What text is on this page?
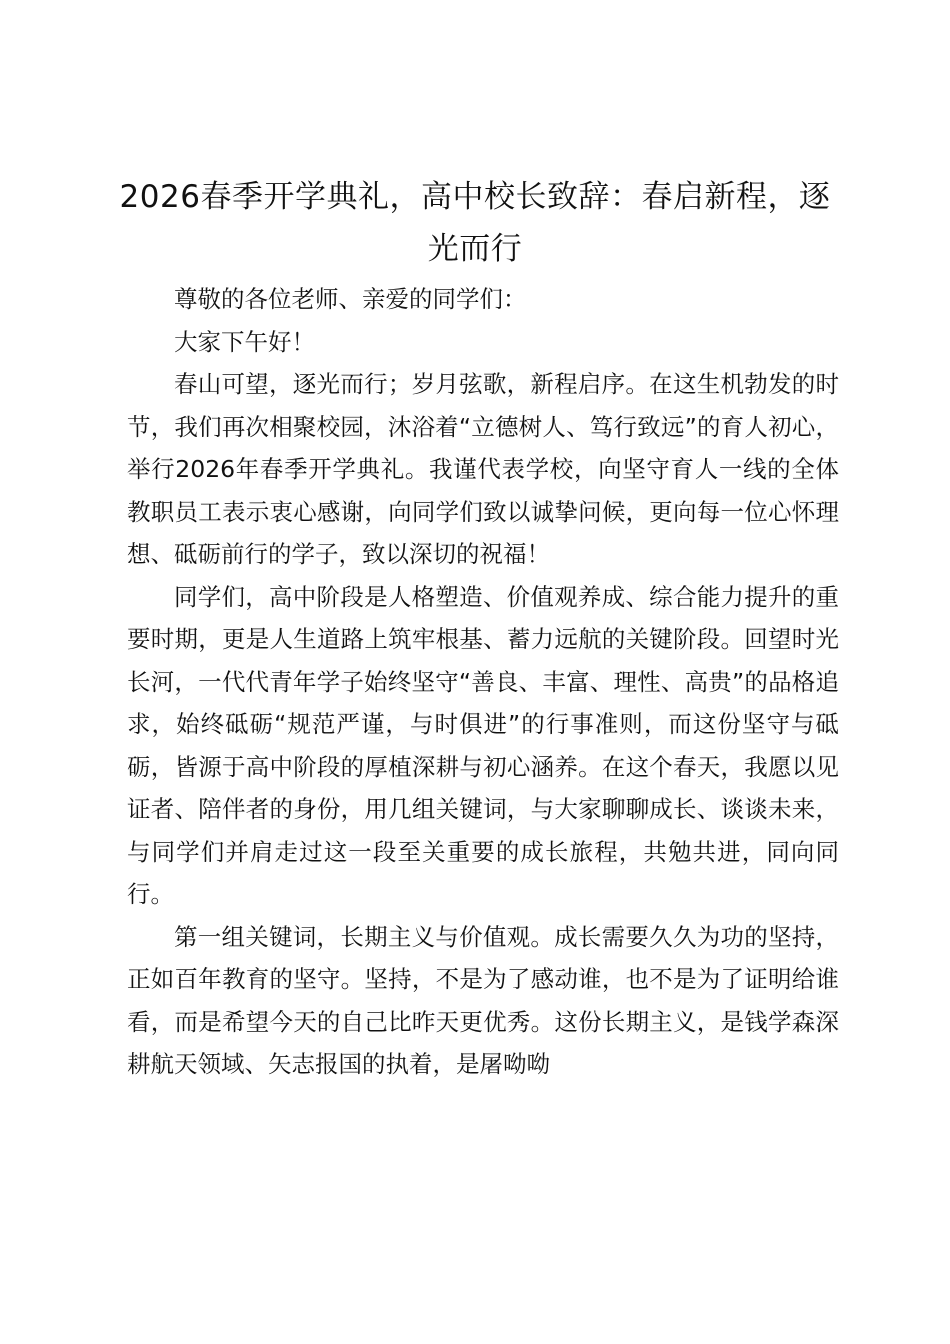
2026春季开学典礼，高中校长致辞：春启新程，逐光而行

尊敬的各位老师、亲爱的同学们：

大家下午好！

春山可望，逐光而行；岁月弦歌，新程启序。在这生机勃发的时节，我们再次相聚校园，沐浴着“立德树人、笃行致远”的育人初心，举行2026年春季开学典礼。我谨代表学校，向坚守育人一线的全体教职员工表示衷心感谢，向同学们致以诚挚问候，更向每一位心怀理想、砥砺前行的学子，致以深切的祝福！

同学们，高中阶段是人格塑造、价值观养成、综合能力提升的重要时期，更是人生道路上筑牢根基、蓄力远航的关键阶段。回望时光长河，一代代青年学子始终坚守“善良、丰富、理性、高贵”的品格追求，始终砥砺“规范严谨，与时俱进”的行事准则，而这份坚守与砥砺，皆源于高中阶段的厚植深耕与初心涵养。在这个春天，我愿以见证者、陪伴者的身份，用几组关键词，与大家聊聊成长、谈谈未来，与同学们并肩走过这一段至关重要的成长旅程，共勉共进，同向同行。

第一组关键词，长期主义与价值观。成长需要久久为功的坚持，正如百年教育的坚守。坚持，不是为了感动谁，也不是为了证明给谁看，而是希望今天的自己比昨天更优秀。这份长期主义，是钱学森深耕航天领域、矢志报国的执着，是屠呦呦
